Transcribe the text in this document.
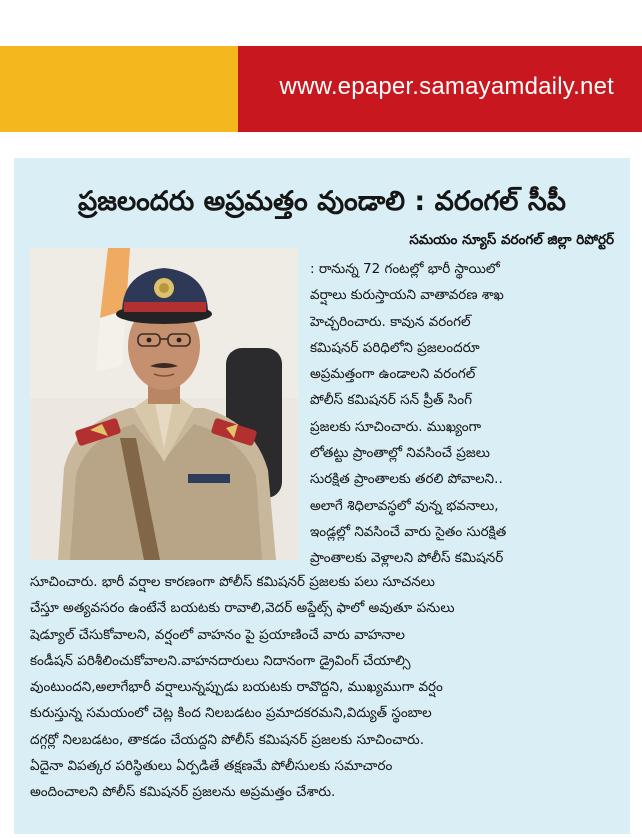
www.epaper.samayamdaily.net
ప్రజలందరు అప్రమత్తం వుండాలి : వరంగల్ సీపీ
సమయం న్యూస్ వరంగల్ జిల్లా రిపోర్టర్
: రానున్న 72 గంటల్లో భారీ స్థాయిలో
వర్షాలు కురుస్తాయని వాతావరణ శాఖ
హెచ్చరించారు. కావున వరంగల్
కమిషనర్ పరిధిలోని ప్రజలందరూ
అప్రమత్తంగా ఉండాలని వరంగల్
పోలీస్ కమిషనర్ సన్ ప్రీత్ సింగ్
ప్రజలకు సూచించారు. ముఖ్యంగా
లోతట్టు ప్రాంతాల్లో నివసించే ప్రజలు
సురక్షిత ప్రాంతాలకు తరలి పోవాలని..
అలాగే శిధిలావస్థలో వున్న భవనాలు,
ఇండ్లల్లో నివసించే వారు సైతం సురక్షిత
ప్రాంతాలకు వెళ్లాలని పోలీస్ కమిషనర్
సూచించారు. భారీ వర్షాల కారణంగా పోలీస్ కమిషనర్ ప్రజలకు పలు సూచనలు
చేస్తూ అత్యవసరం ఉంటేనే బయటకు రావాలి,వెదర్ అప్డేట్స్ ఫాలో అవుతూ పనులు
షెడ్యూల్ చేసుకోవాలని, వర్షంలో వాహనం పై ప్రయాణించే వారు వాహనాల
కండీషన్ పరిశీలించుకోవాలని.వాహనదారులు నిదానంగా డ్రైవింగ్ చేయాల్సి
వుంటుందని,అలాగేభారీ వర్షాలున్నప్పుడు బయటకు రావొద్దని, ముఖ్యముగా వర్షం
కురుస్తున్న సమయంలో చెట్ల కింద నిలబడటం ప్రమాదకరమని,విద్యుత్ స్థంబాల
దగ్గర్లో నిలబడటం, తాకడం చేయద్దని పోలీస్ కమిషనర్ ప్రజలకు సూచించారు.
ఏదైనా విపత్కర పరిస్థితులు ఏర్పడితే తక్షణమే పోలీసులకు సమాచారం
అందించాలని పోలీస్ కమిషనర్ ప్రజలను అప్రమత్తం చేశారు.
